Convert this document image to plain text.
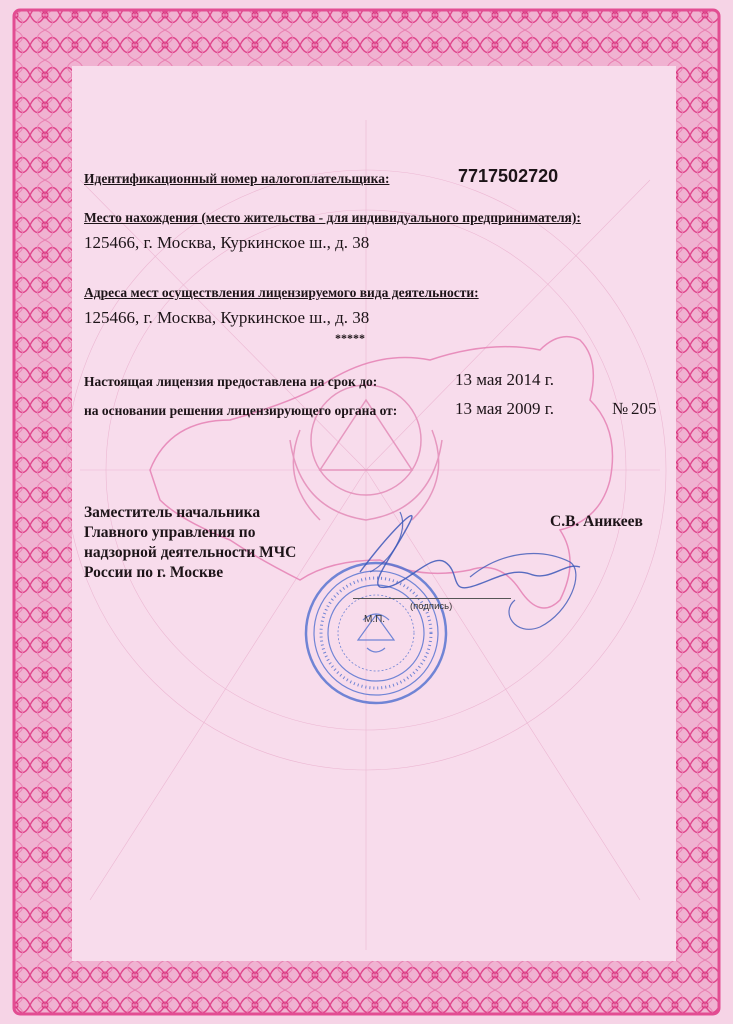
Идентификационный номер налогоплательщика:	7717502720
Место нахождения (место жительства - для индивидуального предпринимателя):
125466, г. Москва, Куркинское ш., д. 38
Адреса мест осуществления лицензируемого вида деятельности:
125466, г. Москва, Куркинское ш., д. 38
*****
Настоящая лицензия предоставлена на срок до:	13 мая 2014 г.
на основании решения лицензирующего органа от:	13 мая 2009 г.	№ 205
Заместитель начальника
Главного управления по
надзорной деятельности МЧС
России по г. Москве
С.В. Аникеев
(подпись)
М.П.
